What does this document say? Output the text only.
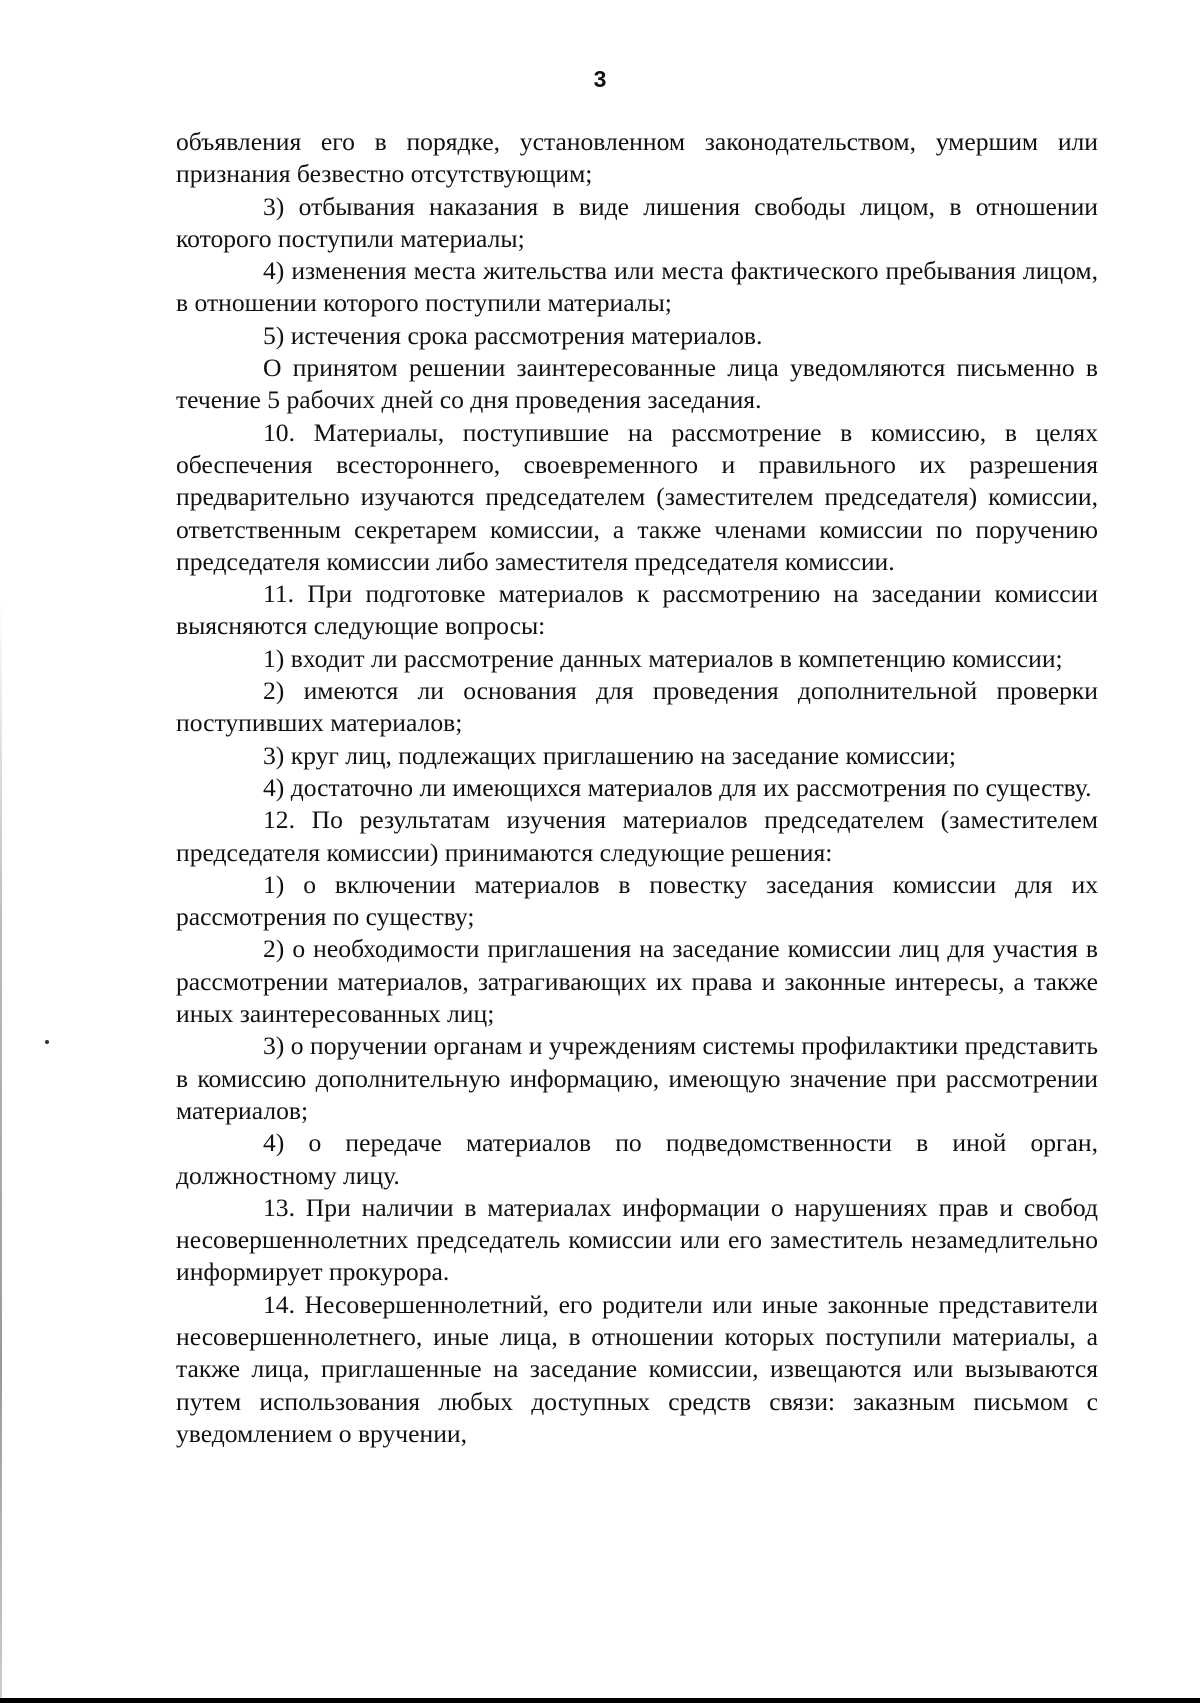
3

объявления его в порядке, установленном законодательством, умершим или признания безвестно отсутствующим;

3) отбывания наказания в виде лишения свободы лицом, в отношении которого поступили материалы;

4) изменения места жительства или места фактического пребывания лицом, в отношении которого поступили материалы;

5) истечения срока рассмотрения материалов.

О принятом решении заинтересованные лица уведомляются письменно в течение 5 рабочих дней со дня проведения заседания.

10. Материалы, поступившие на рассмотрение в комиссию, в целях обеспечения всестороннего, своевременного и правильного их разрешения предварительно изучаются председателем (заместителем председателя) комиссии, ответственным секретарем комиссии, а также членами комиссии по поручению председателя комиссии либо заместителя председателя комиссии.

11. При подготовке материалов к рассмотрению на заседании комиссии выясняются следующие вопросы:

1) входит ли рассмотрение данных материалов в компетенцию комиссии;

2) имеются ли основания для проведения дополнительной проверки поступивших материалов;

3) круг лиц, подлежащих приглашению на заседание комиссии;

4) достаточно ли имеющихся материалов для их рассмотрения по существу.

12. По результатам изучения материалов председателем (заместителем председателя комиссии) принимаются следующие решения:

1) о включении материалов в повестку заседания комиссии для их рассмотрения по существу;

2) о необходимости приглашения на заседание комиссии лиц для участия в рассмотрении материалов, затрагивающих их права и законные интересы, а также иных заинтересованных лиц;

3) о поручении органам и учреждениям системы профилактики представить в комиссию дополнительную информацию, имеющую значение при рассмотрении материалов;

4) о передаче материалов по подведомственности в иной орган, должностному лицу.

13. При наличии в материалах информации о нарушениях прав и свобод несовершеннолетних председатель комиссии или его заместитель незамедлительно информирует прокурора.

14. Несовершеннолетний, его родители или иные законные представители несовершеннолетнего, иные лица, в отношении которых поступили материалы, а также лица, приглашенные на заседание комиссии, извещаются или вызываются путем использования любых доступных средств связи: заказным письмом с уведомлением о вручении,
